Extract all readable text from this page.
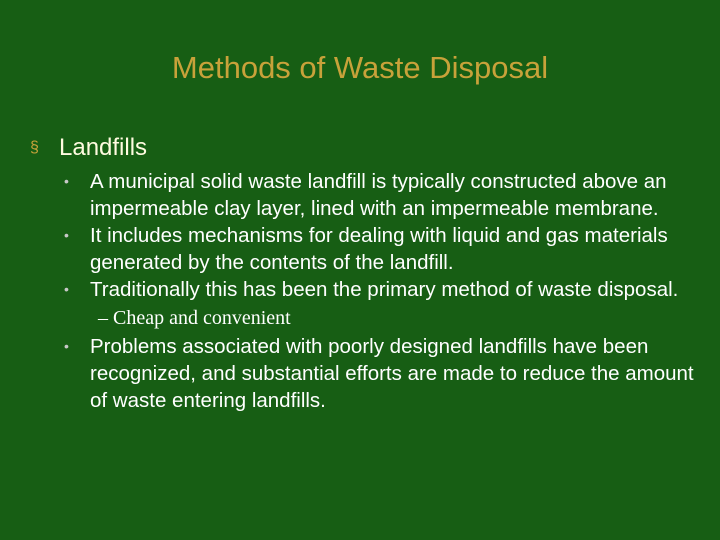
Methods of Waste Disposal
§ Landfills
• A municipal solid waste landfill is typically constructed above an impermeable clay layer, lined with an impermeable membrane.
• It includes mechanisms for dealing with liquid and gas materials generated by the contents of the landfill.
• Traditionally this has been the primary method of waste disposal.
– Cheap and convenient
• Problems associated with poorly designed landfills have been recognized, and substantial efforts are made to reduce the amount of waste entering landfills.
